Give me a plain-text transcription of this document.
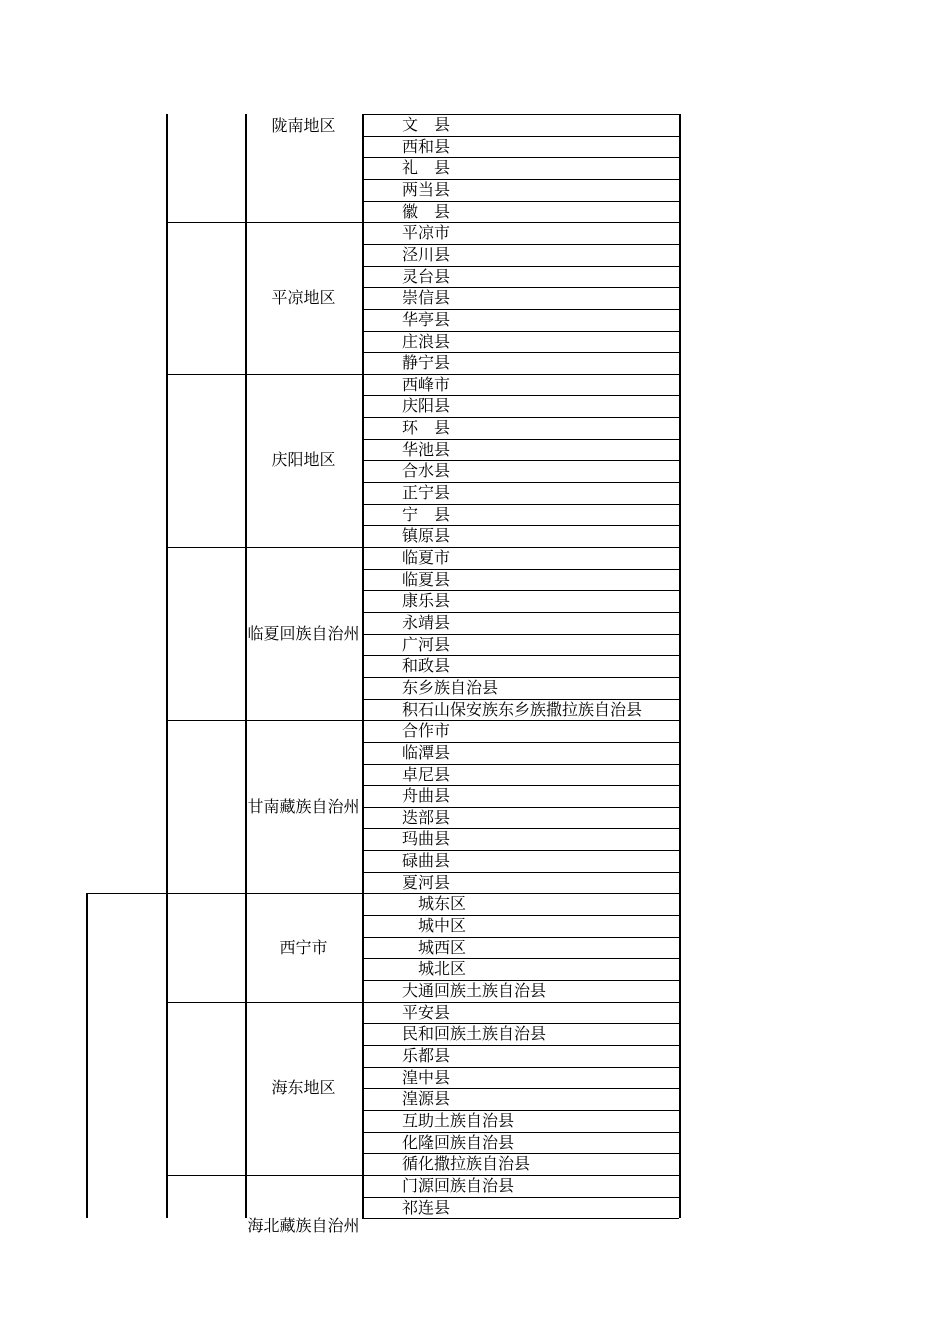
陇南地区	文　县
西和县
礼　县
两当县
徽　县
平凉地区
平凉市
泾川县
灵台县
崇信县
华亭县
庄浪县
静宁县
庆阳地区
西峰市
庆阳县
环　县
华池县
合水县
正宁县
宁　县
镇原县
临夏回族自治州
临夏市
临夏县
康乐县
永靖县
广河县
和政县
东乡族自治县
积石山保安族东乡族撒拉族自治县
甘南藏族自治州
合作市
临潭县
卓尼县
舟曲县
迭部县
玛曲县
碌曲县
夏河县
西宁市
城东区
城中区
城西区
城北区
大通回族土族自治县
海东地区
平安县
民和回族土族自治县
乐都县
湟中县
湟源县
互助土族自治县
化隆回族自治县
循化撒拉族自治县
海北藏族自治州
门源回族自治县
祁连县
